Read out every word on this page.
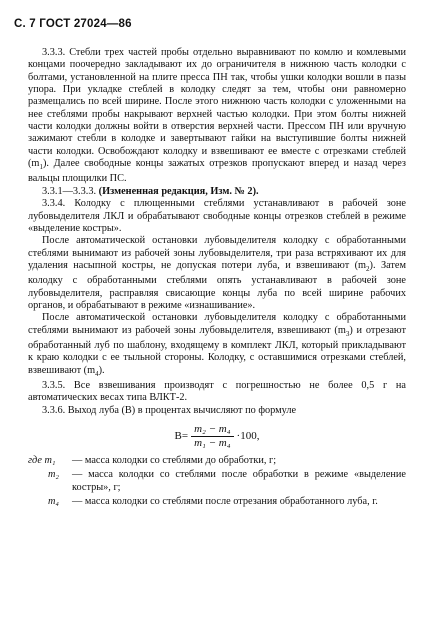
С. 7 ГОСТ 27024—86

3.3.3. Стебли трех частей пробы отдельно выравнивают по комлю и комлевыми концами поочередно закладывают их до ограничителя в нижнюю часть колодки с болтами, установленной на плите пресса ПН так, чтобы ушки колодки вошли в пазы упора. При укладке стеблей в колодку следят за тем, чтобы они равномерно размещались по всей ширине. После этого нижнюю часть колодки с уложенными на нее стеблями пробы накрывают верхней частью колодки. При этом болты нижней части колодки должны войти в отверстия верхней части. Прессом ПН или вручную зажимают стебли в колодке и завертывают гайки на выступившие болты нижней части колодки. Освобождают колодку и взвешивают ее вместе с отрезками стеблей $(m_1)$. Далее свободные концы зажатых отрезков пропускают вперед и назад через вальцы площилки ПС.

3.3.1—3.3.3. (Измененная редакция, Изм. № 2).

3.3.4. Колодку с плющенными стеблями устанавливают в рабочей зоне лубовыделителя ЛКЛ и обрабатывают свободные концы отрезков стеблей в режиме «выделение костры».

После автоматической остановки лубовыделителя колодку с обработанными стеблями вынимают из рабочей зоны лубовыделителя, три раза встряхивают их для удаления насыпной костры, не допуская потери луба, и взвешивают $(m_2)$. Затем колодку с обработанными стеблями опять устанавливают в рабочей зоне лубовыделителя, расправляя свисающие концы луба по всей ширине рабочих органов, и обрабатывают в режиме «изнашивание».

После автоматической остановки лубовыделителя колодку с обработанными стеблями вынимают из рабочей зоны лубовыделителя, взвешивают $(m_3)$ и отрезают обработанный луб по шаблону, входящему в комплект ЛКЛ, который прикладывают к краю колодки с ее тыльной стороны. Колодку, с оставшимися отрезками стеблей, взвешивают $(m_4)$.

3.3.5. Все взвешивания производят с погрешностью не более 0,5 г на автоматических весах типа ВЛКТ-2.

3.3.6. Выход луба (В) в процентах вычисляют по формуле

$В= \frac{\text{m₂ − m₄}}{\text{m₁ − m₄}} \cdot 100$,
где m₁	— масса колодки со стеблями до обработки, г;
m₂	— масса колодки со стеблями после обработки в режиме «выделение костры», г;
m₄	— масса колодки со стеблями после отрезания обработанного луба, г.
